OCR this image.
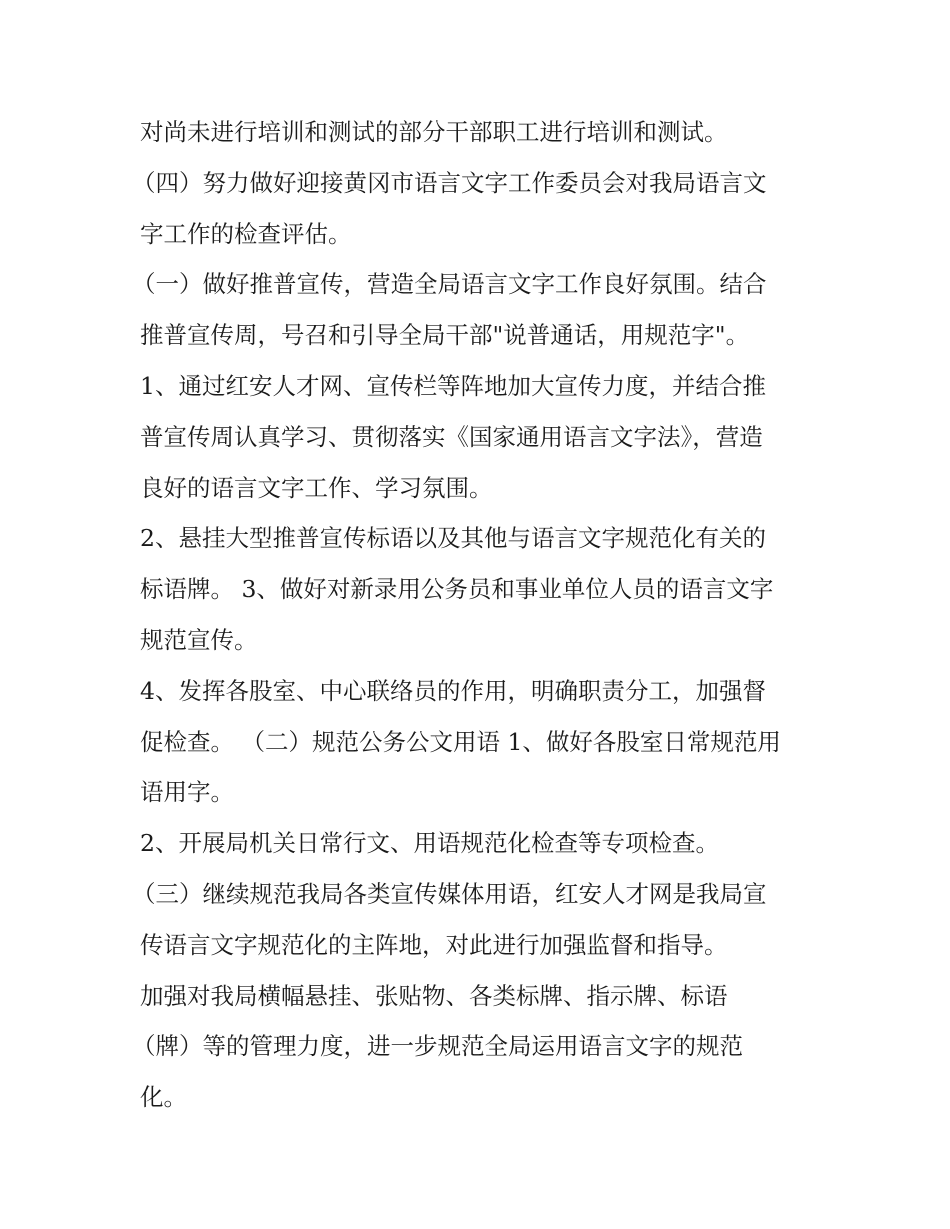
对尚未进行培训和测试的部分干部职工进行培训和测试。
（四）努力做好迎接黄冈市语言文字工作委员会对我局语言文
字工作的检查评估。
（一）做好推普宣传，营造全局语言文字工作良好氛围。结合
推普宣传周，号召和引导全局干部"说普通话，用规范字"。
1、通过红安人才网、宣传栏等阵地加大宣传力度，并结合推
普宣传周认真学习、贯彻落实《国家通用语言文字法》，营造
良好的语言文字工作、学习氛围。
2、悬挂大型推普宣传标语以及其他与语言文字规范化有关的
标语牌。 3、做好对新录用公务员和事业单位人员的语言文字
规范宣传。
4、发挥各股室、中心联络员的作用，明确职责分工，加强督
促检查。 （二）规范公务公文用语 1、做好各股室日常规范用
语用字。
2、开展局机关日常行文、用语规范化检查等专项检查。
（三）继续规范我局各类宣传媒体用语，红安人才网是我局宣
传语言文字规范化的主阵地，对此进行加强监督和指导。
加强对我局横幅悬挂、张贴物、各类标牌、指示牌、标语
（牌）等的管理力度，进一步规范全局运用语言文字的规范
化。
